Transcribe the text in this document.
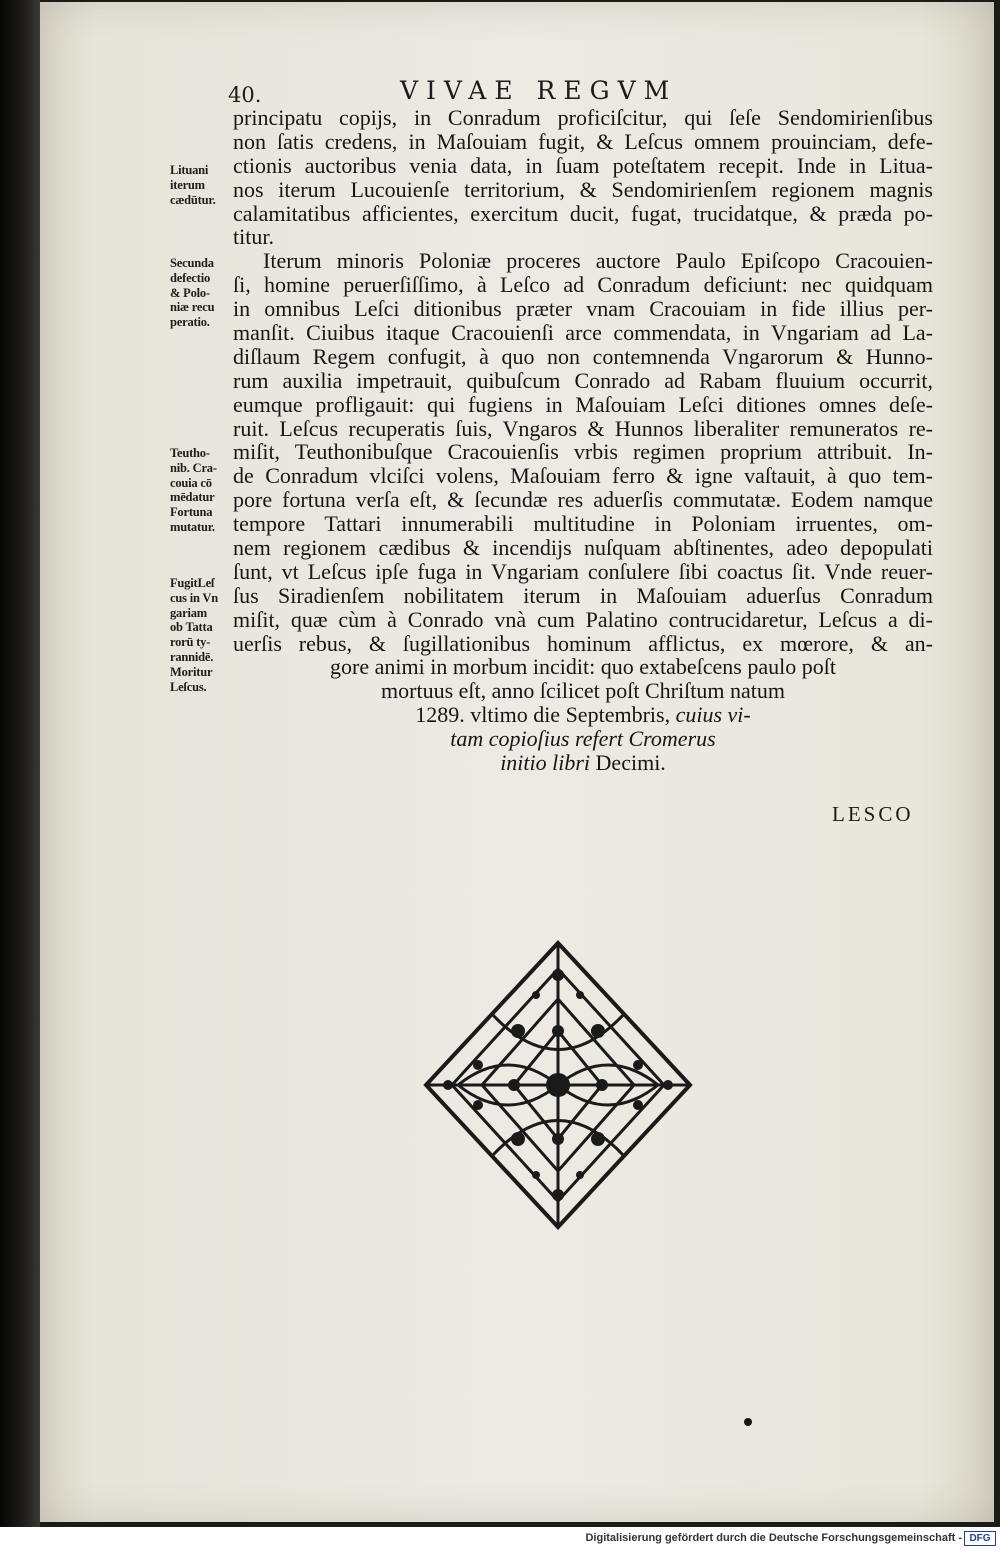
40.	VIVAE REGVM
principatu copijs, in Conradum proficiſcitur, qui ſeſe Sendomirienſibus
non ſatis credens, in Maſouiam fugit, & Leſcus omnem prouinciam, defe-
ctionis auctoribus venia data, in ſuam poteſtatem recepit. Inde in Litua-
nos iterum Lucouienſe territorium, & Sendomirienſem regionem magnis
calamitatibus afficientes, exercitum ducit, fugat, trucidatque, & præda po-
titur.
Iterum minoris Poloniæ proceres auctore Paulo Epiſcopo Cracouien-
ſi, homine peruerſiſſimo, à Leſco ad Conradum deficiunt: nec quidquam
in omnibus Leſci ditionibus præter vnam Cracouiam in fide illius per-
manſit. Ciuibus itaque Cracouienſi arce commendata, in Vngariam ad La-
diſlaum Regem confugit, à quo non contemnenda Vngarorum & Hunno-
rum auxilia impetrauit, quibuſcum Conrado ad Rabam fluuium occurrit,
eumque profligauit: qui fugiens in Maſouiam Leſci ditiones omnes deſe-
ruit. Leſcus recuperatis ſuis, Vngaros & Hunnos liberaliter remuneratos re-
miſit, Teuthonibuſque Cracouienſis vrbis regimen proprium attribuit. In-
de Conradum vlciſci volens, Maſouiam ferro & igne vaſtauit, à quo tem-
pore fortuna verſa eſt, & ſecundæ res aduerſis commutatæ. Eodem namque
tempore Tattari innumerabili multitudine in Poloniam irruentes, om-
nem regionem cædibus & incendijs nuſquam abſtinentes, adeo depopulati
ſunt, vt Leſcus ipſe fuga in Vngariam conſulere ſibi coactus ſit. Vnde reuer-
ſus Siradienſem nobilitatem iterum in Maſouiam aduerſus Conradum
miſit, quæ cùm à Conrado vnà cum Palatino contrucidaretur, Leſcus a di-
uerſis rebus, & ſugillationibus hominum afflictus, ex mœrore, & an-
gore animi in morbum incidit: quo extabeſcens paulo poſt
mortuus eſt, anno ſcilicet poſt Chriſtum natum
1289. vltimo die Septembris, cuius vi-
tam copioſius refert Cromerus
initio libri Decimi.
Lituani
iterum
cædūtur.
Secunda
defectio
& Polo-
niæ recu
peratio.
Teutho-
nib. Cra-
couia cō
mēdatur
Fortuna
mutatur.
FugitLeſ
cus in Vn
gariam
ob Tatta
rorū ty-
rannidē.
Moritur
Leſcus.
LESCO
Digitalisierung gefördert durch die Deutsche Forschungsgemeinschaft - DFG
